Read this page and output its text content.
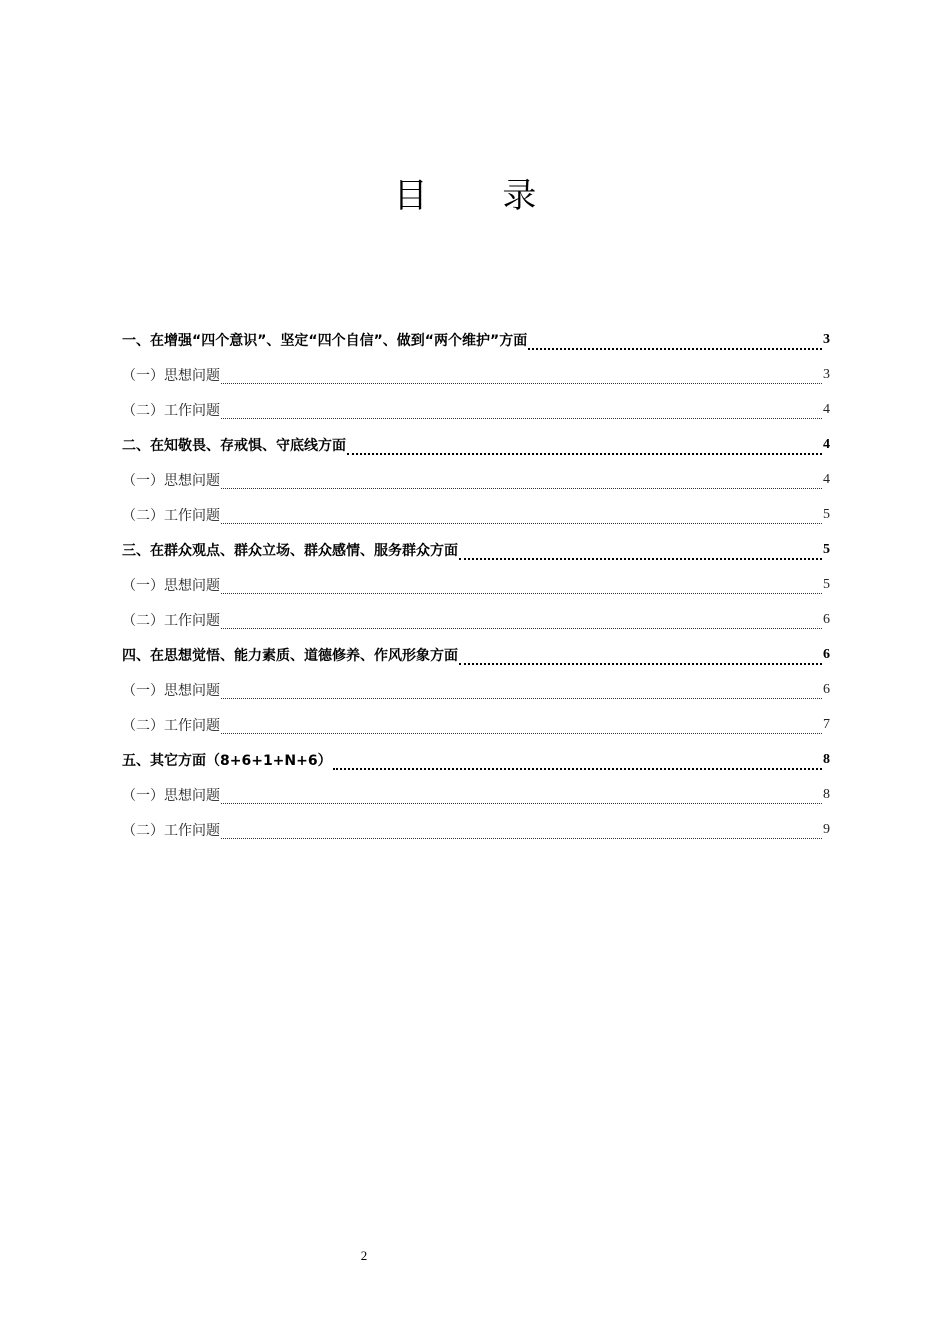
目 录
一、在增强“四个意识”、坚定“四个自信”、做到“两个维护”方面	3
（一）思想问题	3
（二）工作问题	4
二、在知敬畏、存戒惧、守底线方面	4
（一）思想问题	4
（二）工作问题	5
三、在群众观点、群众立场、群众感情、服务群众方面	5
（一）思想问题	5
（二）工作问题	6
四、在思想觉悟、能力素质、道德修养、作风形象方面	6
（一）思想问题	6
（二）工作问题	7
五、其它方面（8+6+1+N+6）	8
（一）思想问题	8
（二）工作问题	9
2
